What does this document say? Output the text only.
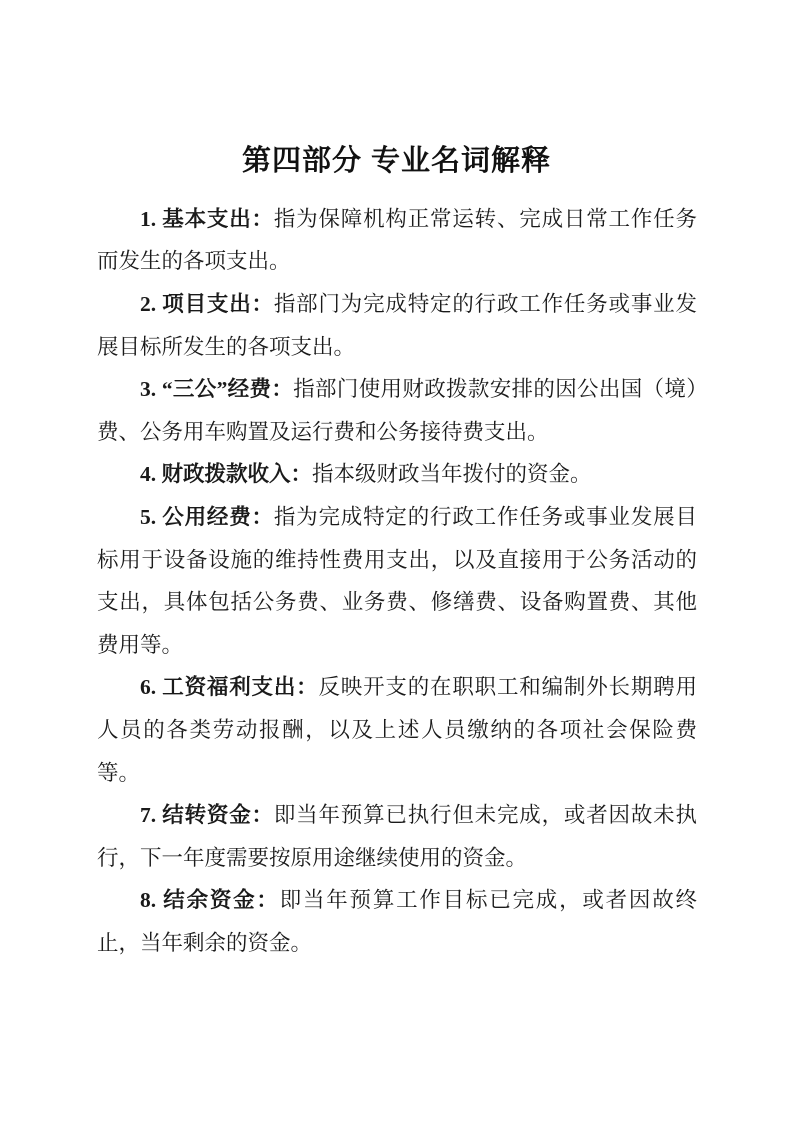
第四部分 专业名词解释

1. 基本支出：指为保障机构正常运转、完成日常工作任务而发生的各项支出。

2. 项目支出：指部门为完成特定的行政工作任务或事业发展目标所发生的各项支出。

3. “三公”经费：指部门使用财政拨款安排的因公出国（境）费、公务用车购置及运行费和公务接待费支出。

4. 财政拨款收入：指本级财政当年拨付的资金。

5. 公用经费：指为完成特定的行政工作任务或事业发展目标用于设备设施的维持性费用支出，以及直接用于公务活动的支出，具体包括公务费、业务费、修缮费、设备购置费、其他费用等。

6. 工资福利支出：反映开支的在职职工和编制外长期聘用人员的各类劳动报酬，以及上述人员缴纳的各项社会保险费等。

7. 结转资金：即当年预算已执行但未完成，或者因故未执行，下一年度需要按原用途继续使用的资金。

8. 结余资金：即当年预算工作目标已完成，或者因故终止，当年剩余的资金。
